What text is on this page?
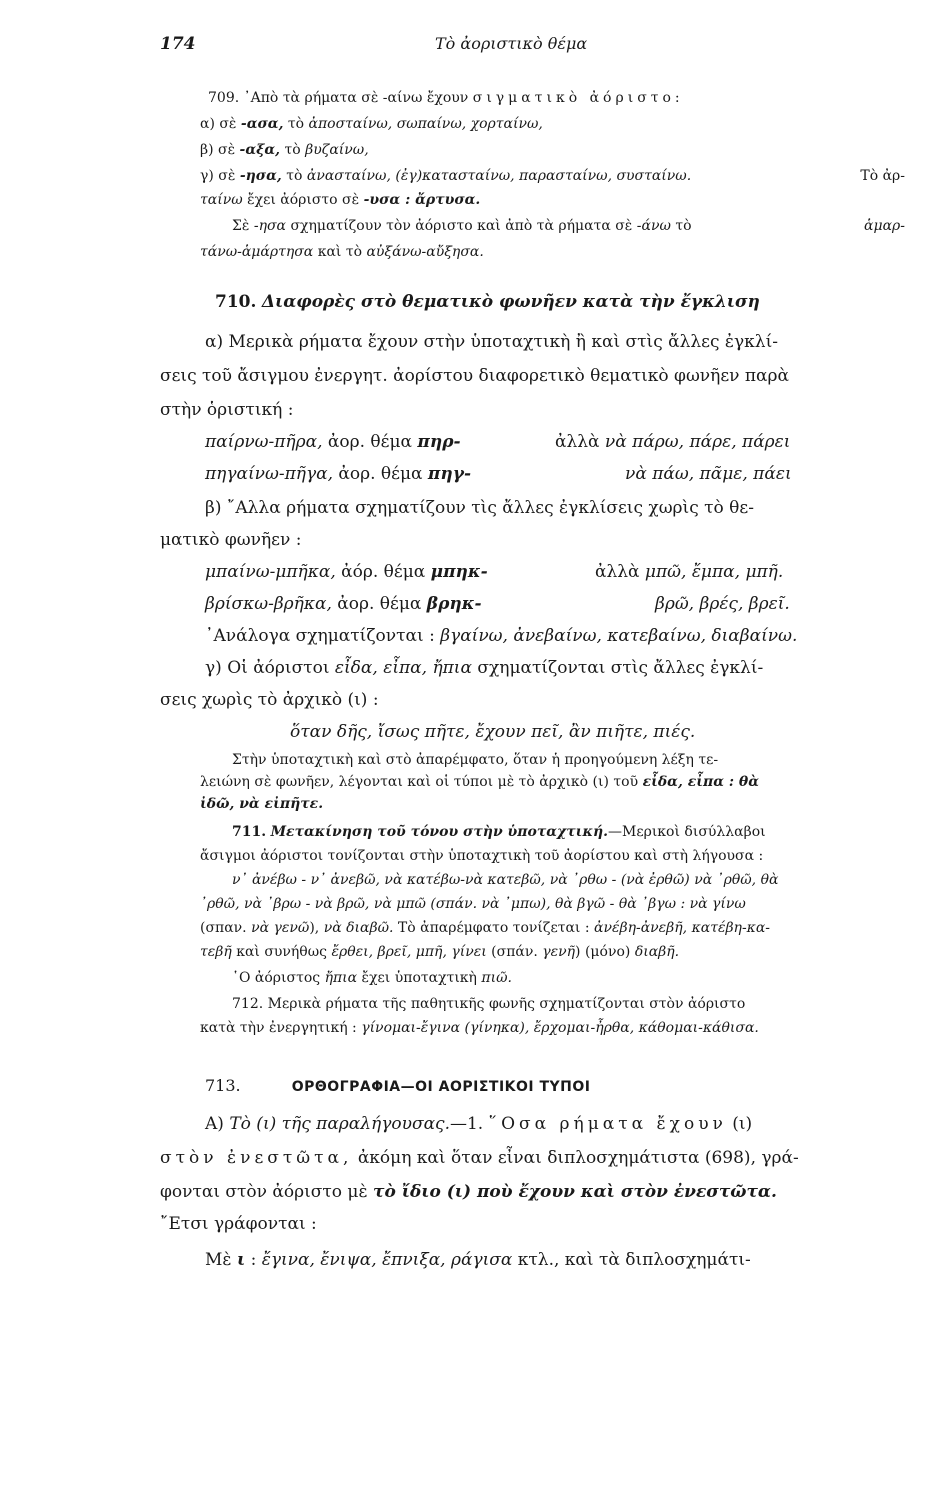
174	Τὸ ἀοριστικὸ θέμα
709. ᾿Απὸ τὰ ρήματα σὲ -αίνω ἔχουν σιγματικὸ ἀόριστο:
α) σὲ -ασα, τὸ ἀποσταίνω, σωπαίνω, χορταίνω,
β) σὲ -αξα, τὸ βυζαίνω,
γ) σὲ -ησα, τὸ ἀνασταίνω, (ἐγ)κατασταίνω, παρασταίνω, συσταίνω.	Τὸ ἀρ-
ταίνω ἔχει ἀόριστο σὲ -υσα : ἄρτυσα.
Σὲ -ησα σχηματίζουν τὸν ἀόριστο καὶ ἀπὸ τὰ ρήματα σὲ -άνω τὸ	ἁμαρ-
τάνω-ἁμάρτησα καὶ τὸ αὐξάνω-αὔξησα.
710. Διαφορὲς στὸ θεματικὸ φωνῆεν κατὰ τὴν ἔγκλιση
α) Μερικὰ ρήματα ἔχουν στὴν ὑποταχτικὴ ἢ καὶ στὶς ἄλλες ἐγκλί-
σεις τοῦ ἄσιγμου ἐνεργητ. ἀορίστου διαφορετικὸ θεματικὸ φωνῆεν παρὰ
στὴν ὁριστική :
παίρνω-πῆρα, ἀορ. θέμα πηρ-	ἀλλὰ νὰ πάρω, πάρε, πάρει
πηγαίνω-πῆγα, ἀορ. θέμα πηγ-	νὰ πάω, πᾶμε, πάει
β) ῎Αλλα ρήματα σχηματίζουν τὶς ἄλλες ἐγκλίσεις χωρὶς τὸ θε-
ματικὸ φωνῆεν :
μπαίνω-μπῆκα, ἀόρ. θέμα μπηκ-	ἀλλὰ μπῶ, ἔμπα, μπῆ.
βρίσκω-βρῆκα, ἀορ. θέμα βρηκ-	βρῶ, βρές, βρεῖ.
᾿Ανάλογα σχηματίζονται : βγαίνω, ἀνεβαίνω, κατεβαίνω, διαβαίνω.
γ) Οἱ ἀόριστοι εἶδα, εἶπα, ἤπια σχηματίζονται στὶς ἄλλες ἐγκλί-
σεις χωρὶς τὸ ἀρχικὸ (ι) :
ὅταν δῆς, ἴσως πῆτε, ἔχουν πεῖ, ἂν πιῆτε, πιές.
Στὴν ὑποταχτικὴ καὶ στὸ ἀπαρέμφατο, ὅταν ἡ προηγούμενη λέξη τε-
λειώνη σὲ φωνῆεν, λέγονται καὶ οἱ τύποι μὲ τὸ ἀρχικὸ (ι) τοῦ εἶδα, εἶπα : θὰ
ἰδῶ, νὰ εἰπῆτε.
711. Μετακίνηση τοῦ τόνου στὴν ὑποταχτική.—Μερικοὶ δισύλλαβοι
ἄσιγμοι ἀόριστοι τονίζονται στὴν ὑποταχτικὴ τοῦ ἀορίστου καὶ στὴ λήγουσα :
ν᾿ ἀνέβω - ν᾿ ἀνεβῶ, νὰ κατέβω-νὰ κατεβῶ, νὰ ᾿ρθω - (νὰ ἐρθῶ) νὰ ᾿ρθῶ, θὰ
᾿ρθῶ, νὰ ᾿βρω - νὰ βρῶ, νὰ μπῶ (σπάν. νὰ ᾿μπω), θὰ βγῶ - θὰ ᾿βγω : νὰ γίνω
(σπαν. νὰ γενῶ), νὰ διαβῶ. Τὸ ἀπαρέμφατο τονίζεται : ἀνέβη-ἀνεβῆ, κατέβη-κα-
τεβῆ καὶ συνήθως ἔρθει, βρεῖ, μπῆ, γίνει (σπάν. γενῆ) (μόνο) διαβῆ.
῾Ο ἀόριστος ἤπια ἔχει ὑποταχτικὴ πιῶ.
712. Μερικὰ ρήματα τῆς παθητικῆς φωνῆς σχηματίζονται στὸν ἀόριστο
κατὰ τὴν ἐνεργητική : γίνομαι-ἔγινα (γίνηκα), ἔρχομαι-ἦρθα, κάθομαι-κάθισα.
713.	ΟΡΘΟΓΡΑΦΙΑ—ΟΙ ΑΟΡΙΣΤΙΚΟΙ ΤΥΠΟΙ
Α) Τὸ (ι) τῆς παραλήγουσας.—1. ῞Οσα ρήματα ἔχουν (ι)
στὸν ἐνεστῶτα, ἀκόμη καὶ ὅταν εἶναι διπλοσχημάτιστα (698), γρά-
φονται στὸν ἀόριστο μὲ τὸ ἴδιο (ι) ποὺ ἔχουν καὶ στὸν ἐνεστῶτα.
῎Ετσι γράφονται :
Μὲ ι : ἔγινα, ἔνιψα, ἔπνιξα, ράγισα κτλ., καὶ τὰ διπλοσχημάτι-
